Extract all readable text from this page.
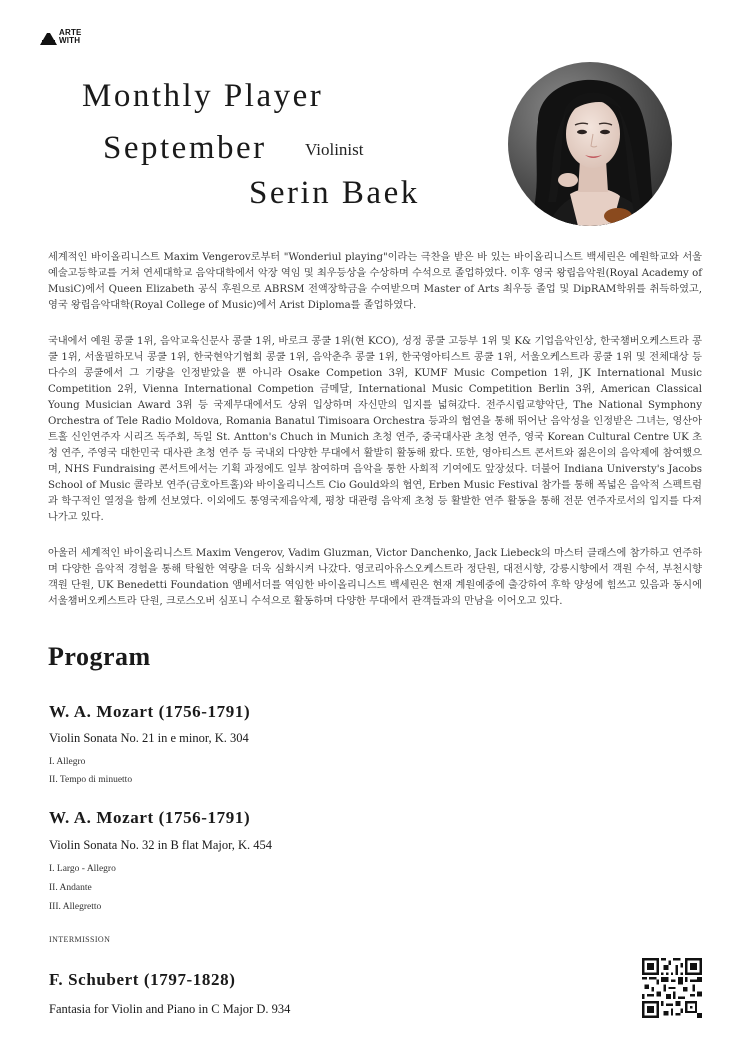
ARTE WITH
Monthly Player
September Violinist
Serin Baek

세계적인 바이올리니스트 Maxim Vengerov로부터 "Wonderiul playing"이라는 극찬을 받은 바 있는 바이올리니스트 백세린은 예원학교와 서울예술고등학교를 거쳐 연세대학교 음악대학에서 악장 역임 및 최우등상을 수상하며 수석으로 졸업하였다. 이후 영국 왕립음악원(Royal Academy of MusiC)에서 Queen Elizabeth 공식 후원으로 ABRSM 전액장학금을 수여받으며 Master of Arts 최우등 졸업 및 DipRAM학위를 취득하였고, 영국 왕립음악대학(Royal College of Music)에서 Arist Diploma를 졸업하였다.

국내에서 예원 콩쿨 1위, 음악교육신문사 콩쿨 1위, 바로크 콩쿨 1위(현 KCO), 성정 콩쿨 고등부 1위 및 K& 기업음악인상, 한국챔버오케스트라 콩쿨 1위, 서울필하모닉 콩쿨 1위, 한국현악기협회 콩쿨 1위, 음악춘추 콩쿨 1위, 한국영아티스트 콩쿨 1위, 서울오케스트라 콩쿨 1위 및 전체대상 등 다수의 콩쿨에서 그 기량을 인정받았을 뿐 아니라 Osake Competion 3위, KUMF Music Competion 1위, JK International Music Competition 2위, Vienna International Competion 금메달, International Music Competition Berlin 3위, American Classical Young Musician Award 3위 등 국제무대에서도 상위 입상하며 자신만의 입지를 넓혀갔다. 전주시립교향악단, The National Symphony Orchestra of Tele Radio Moldova, Romania Banatul Timisoara Orchestra 등과의 협연을 통해 뛰어난 음악성을 인정받은 그녀는, 영산아트홀 신인연주자 시리즈 독주회, 독일 St. Antton's Chuch in Munich 초청 연주, 중국대사관 초청 연주, 영국 Korean Cultural Centre UK 초청 연주, 주영국 대한민국 대사관 초청 연주 등 국내외 다양한 무대에서 활발히 활동해 왔다. 또한, 영아티스트 콘서트와 젊은이의 음악제에 참여했으며, NHS Fundraising 콘서트에서는 기획 과정에도 일부 참여하며 음악을 통한 사회적 기여에도 앞장섰다. 더불어 Indiana Universty's Jacobs School of Music 콜라보 연주(금호아트홀)와 바이올리니스트 Cio Gould와의 협연, Erben Music Festival 참가를 통해 폭넓은 음악적 스펙트럼과 학구적인 열정을 함께 선보였다. 이외에도 통영국제음악제, 평창 대관령 음악제 초청 등 활발한 연주 활동을 통해 전문 연주자로서의 입지를 다져나가고 있다.

아울러 세계적인 바이올리니스트 Maxim Vengerov, Vadim Gluzman, Victor Danchenko, Jack Liebeck의 마스터 클래스에 참가하고 연주하며 다양한 음악적 경험을 통해 탁월한 역량을 더욱 심화시켜 나갔다. 영코리아유스오케스트라 정단원, 대전시향, 강릉시향에서 객원 수석, 부천시향 객원 단원, UK Benedetti Foundation 앰베서더를 역임한 바이올리니스트 백세린은 현재 계원예중에 출강하여 후학 양성에 힘쓰고 있음과 동시에 서울챔버오케스트라 단원, 크로스오버 심포니 수석으로 활동하며 다양한 무대에서 관객들과의 만남을 이어오고 있다.

Program
W. A. Mozart (1756-1791)
Violin Sonata No. 21 in e minor, K. 304
I. Allegro
II. Tempo di minuetto
W. A. Mozart (1756-1791)
Violin Sonata No. 32 in B flat Major, K. 454
I. Largo - Allegro
II. Andante
III. Allegretto
INTERMISSION
F. Schubert (1797-1828)
Fantasia for Violin and Piano in C Major D. 934
